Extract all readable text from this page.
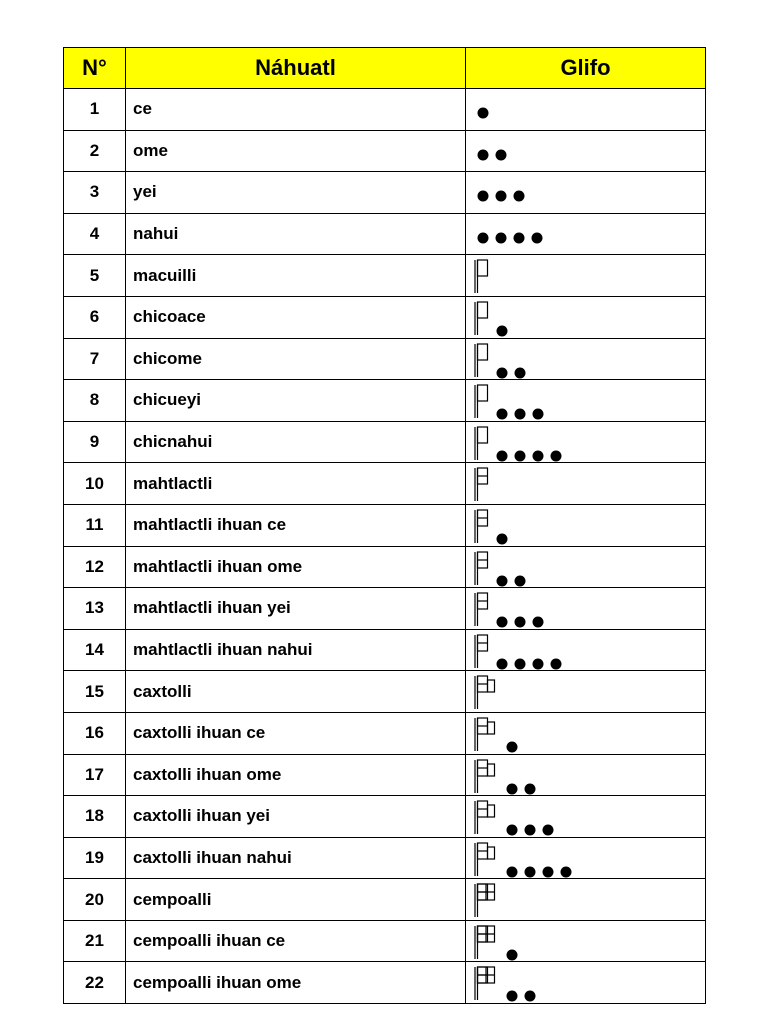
N°	Náhuatl	Glifo
1	ce	

2	ome	

3	yei	

4	nahui	

5	macuilli	

6	chicoace	

7	chicome	

8	chicueyi	

9	chicnahui	

10	mahtlactli	

11	mahtlactli ihuan ce	

12	mahtlactli ihuan ome	

13	mahtlactli ihuan yei	

14	mahtlactli ihuan nahui	

15	caxtolli	

16	caxtolli ihuan ce	

17	caxtolli ihuan ome	

18	caxtolli ihuan yei	

19	caxtolli ihuan nahui	

20	cempoalli	

21	cempoalli ihuan ce	

22	cempoalli ihuan ome	
